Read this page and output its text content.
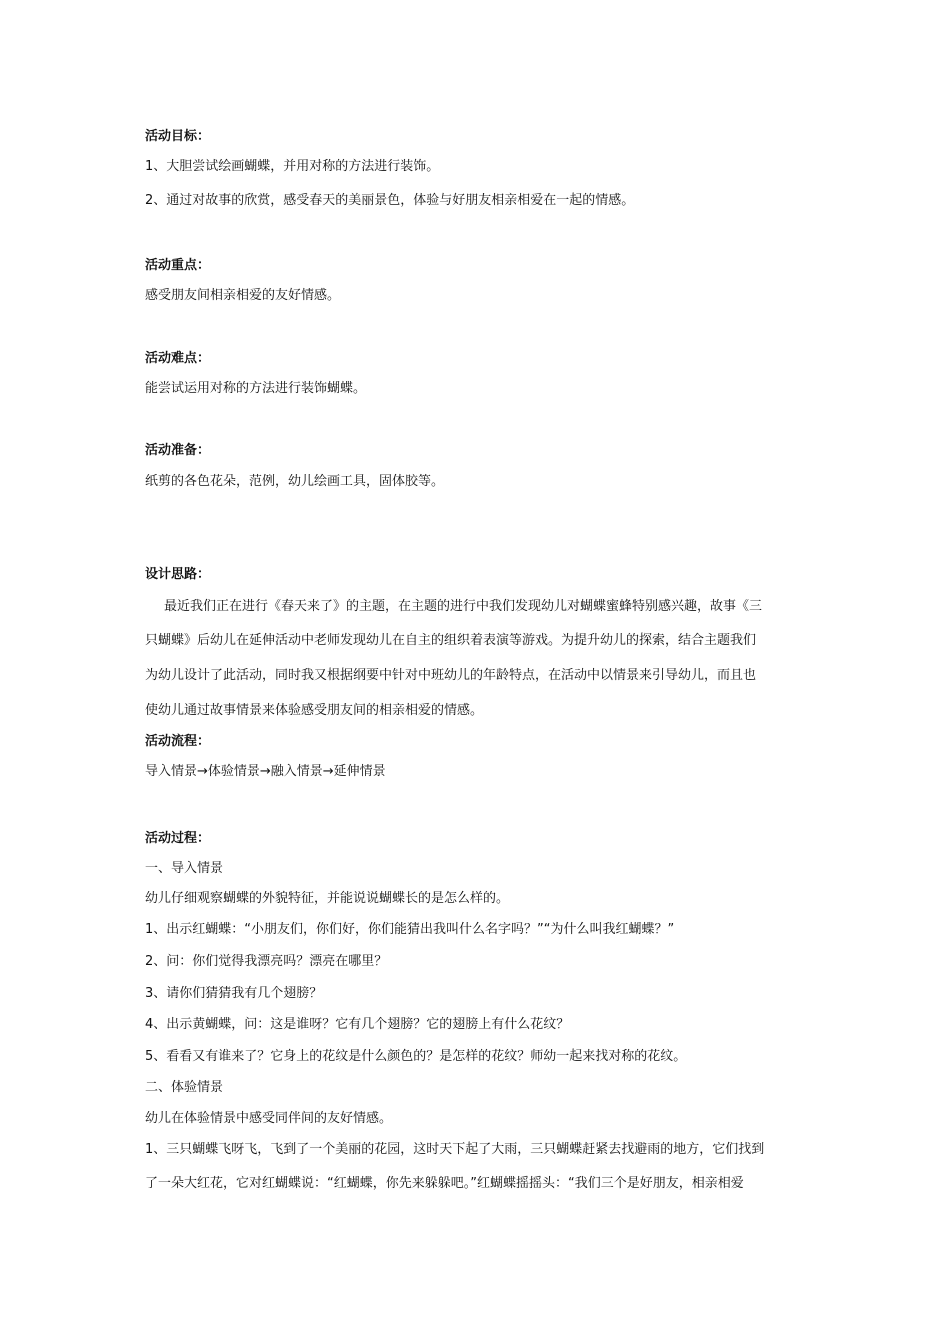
活动目标：
1、大胆尝试绘画蝴蝶，并用对称的方法进行装饰。
2、通过对故事的欣赏，感受春天的美丽景色，体验与好朋友相亲相爱在一起的情感。
活动重点：
感受朋友间相亲相爱的友好情感。
活动难点：
能尝试运用对称的方法进行装饰蝴蝶。
活动准备：
纸剪的各色花朵，范例，幼儿绘画工具，固体胶等。
设计思路：
最近我们正在进行《春天来了》的主题，在主题的进行中我们发现幼儿对蝴蝶蜜蜂特别感兴趣，故事《三
只蝴蝶》后幼儿在延伸活动中老师发现幼儿在自主的组织着表演等游戏。为提升幼儿的探索，结合主题我们
为幼儿设计了此活动，同时我又根据纲要中针对中班幼儿的年龄特点，在活动中以情景来引导幼儿，而且也
使幼儿通过故事情景来体验感受朋友间的相亲相爱的情感。
活动流程：
导入情景→体验情景→融入情景→延伸情景
活动过程：
一、导入情景
幼儿仔细观察蝴蝶的外貌特征，并能说说蝴蝶长的是怎么样的。
1、出示红蝴蝶：“小朋友们，你们好，你们能猜出我叫什么名字吗？”“为什么叫我红蝴蝶？”
2、问：你们觉得我漂亮吗？漂亮在哪里？
3、请你们猜猜我有几个翅膀？
4、出示黄蝴蝶，问：这是谁呀？它有几个翅膀？它的翅膀上有什么花纹？
5、看看又有谁来了？它身上的花纹是什么颜色的？是怎样的花纹？师幼一起来找对称的花纹。
二、体验情景
幼儿在体验情景中感受同伴间的友好情感。
1、三只蝴蝶飞呀飞，飞到了一个美丽的花园，这时天下起了大雨，三只蝴蝶赶紧去找避雨的地方，它们找到
了一朵大红花，它对红蝴蝶说：“红蝴蝶，你先来躲躲吧。”红蝴蝶摇摇头：“我们三个是好朋友，相亲相爱
